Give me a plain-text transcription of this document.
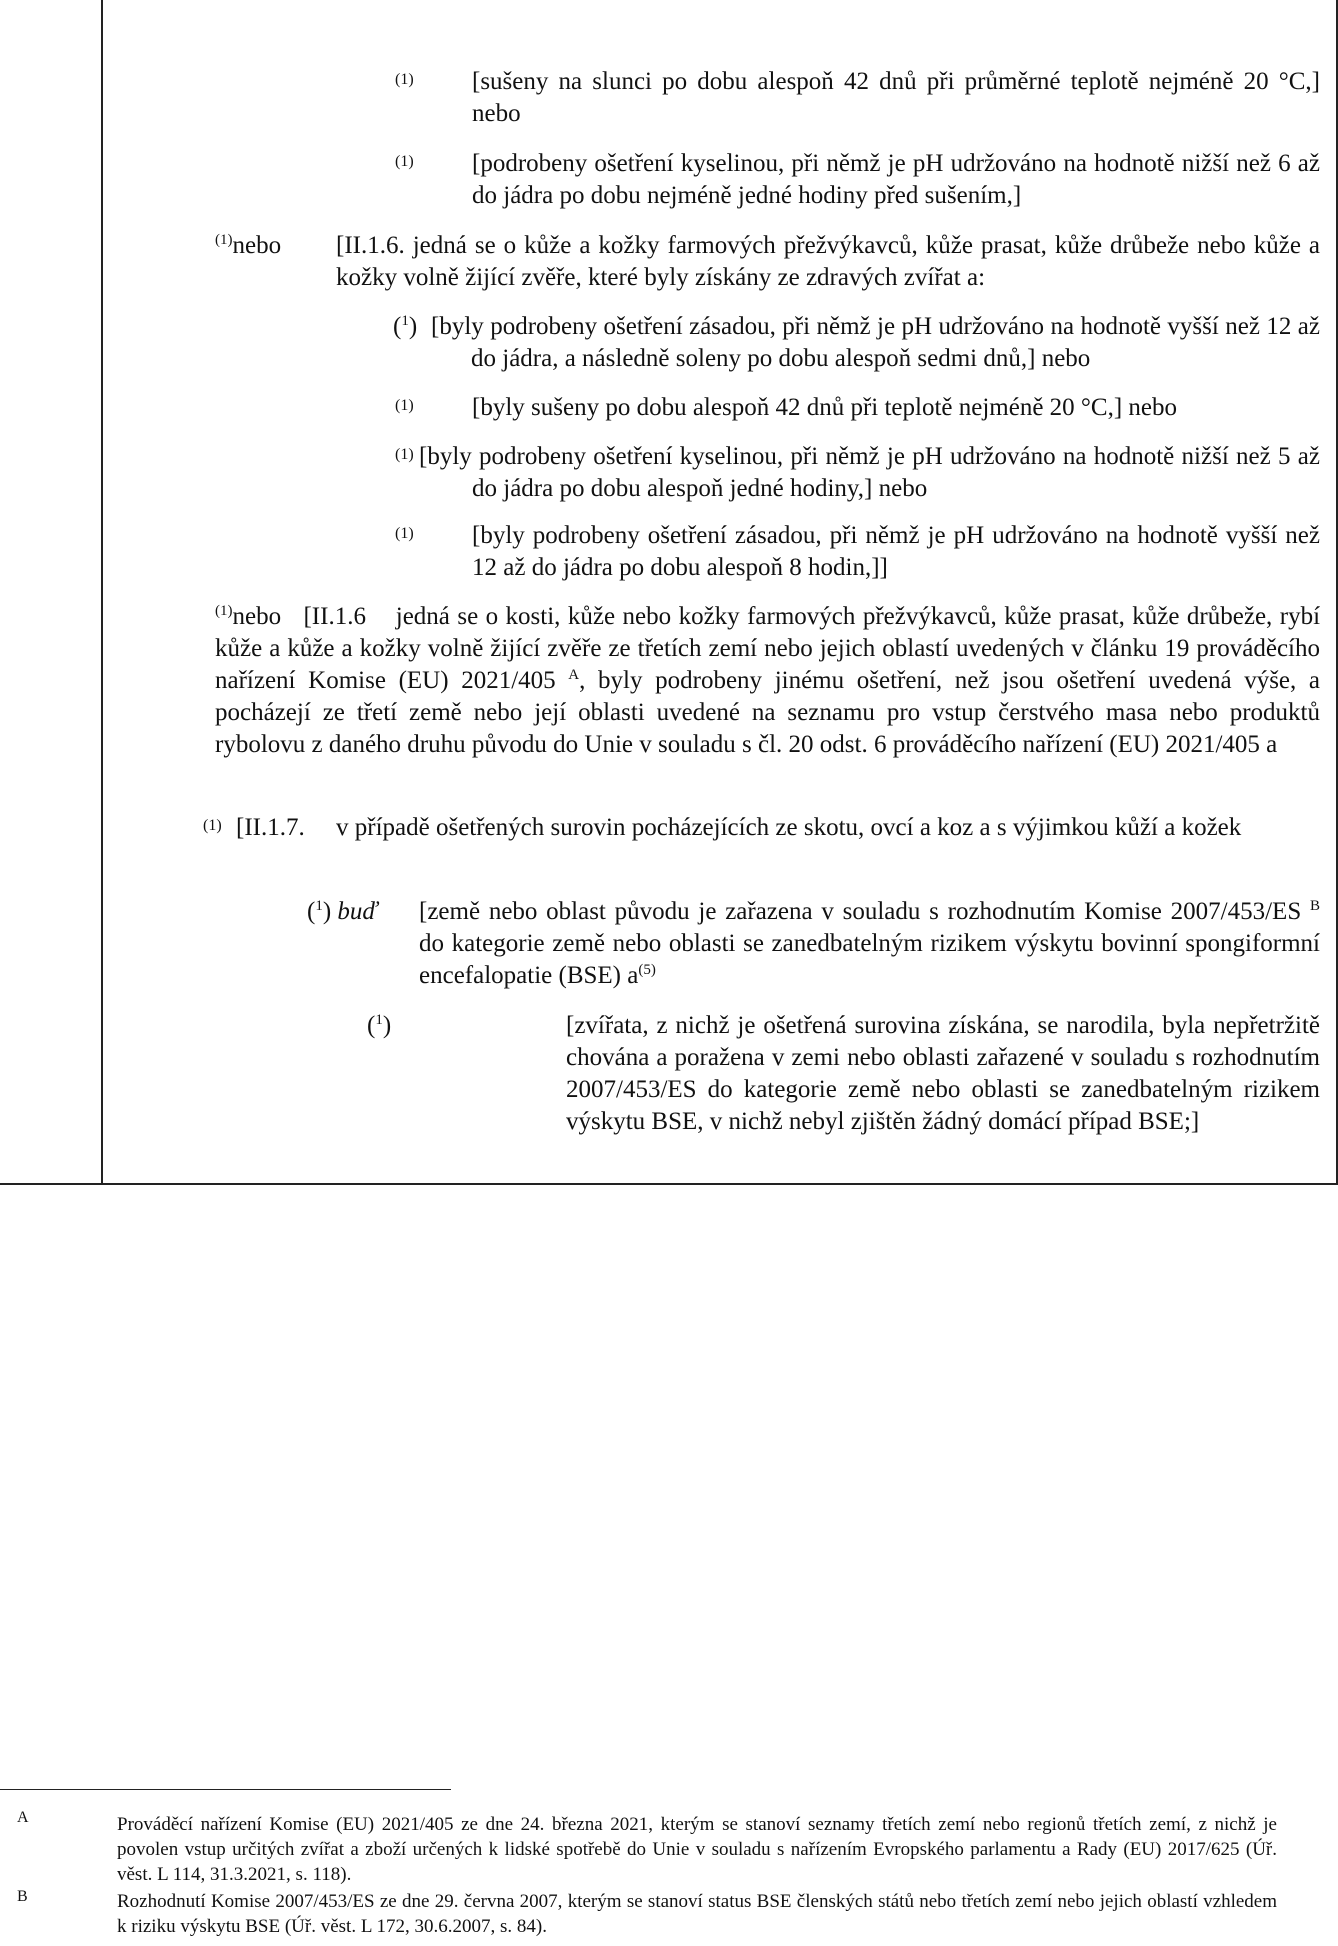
(1) [sušeny na slunci po dobu alespoň 42 dnů při průměrné teplotě nejméně 20 °C,] nebo
(1) [podrobeny ošetření kyselinou, při němž je pH udržováno na hodnotě nižší než 6 až do jádra po dobu nejméně jedné hodiny před sušením,]
$^{(1)}$nebo	[II.1.6. jedná se o kůže a kožky farmových přežvýkavců, kůže prasat, kůže drůbeže nebo kůže a kožky volně žijící zvěře, které byly získány ze zdravých zvířat a:
($^1$) [byly podrobeny ošetření zásadou, při němž je pH udržováno na hodnotě vyšší než 12 až do jádra, a následně soleny po dobu alespoň sedmi dnů,] nebo
(1) [byly sušeny po dobu alespoň 42 dnů při teplotě nejméně 20 °C,] nebo
(1) [byly podrobeny ošetření kyselinou, při němž je pH udržováno na hodnotě nižší než 5 až do jádra po dobu alespoň jedné hodiny,] nebo
(1) [byly podrobeny ošetření zásadou, při němž je pH udržováno na hodnotě vyšší než 12 až do jádra po dobu alespoň 8 hodin,]]
$^{(1)}$nebo [II.1.6 jedná se o kosti, kůže nebo kožky farmových přežvýkavců, kůže prasat, kůže drůbeže, rybí kůže a kůže a kožky volně žijící zvěře ze třetích zemí nebo jejich oblastí uvedených v článku 19 prováděcího nařízení Komise (EU) 2021/405 $^A$, byly podrobeny jinému ošetření, než jsou ošetření uvedená výše, a pocházejí ze třetí země nebo její oblasti uvedené na seznamu pro vstup čerstvého masa nebo produktů rybolovu z daného druhu původu do Unie v souladu s čl. 20 odst. 6 prováděcího nařízení (EU) 2021/405 a
(1) [II.1.7.	v případě ošetřených surovin pocházejících ze skotu, ovcí a koz a s výjimkou kůží a kožek
($^1$) buď	[země nebo oblast původu je zařazena v souladu s rozhodnutím Komise 2007/453/ES $^B$ do kategorie země nebo oblasti se zanedbatelným rizikem výskytu bovinní spongiformní encefalopatie (BSE) $a^{(5)}$
($^1$)	[zvířata, z nichž je ošetřená surovina získána, se narodila, byla nepřetržitě chována a poražena v zemi nebo oblasti zařazené v souladu s rozhodnutím 2007/453/ES do kategorie země nebo oblasti se zanedbatelným rizikem výskytu BSE, v nichž nebyl zjištěn žádný domácí případ BSE;]
A	Prováděcí nařízení Komise (EU) 2021/405 ze dne 24. března 2021, kterým se stanoví seznamy třetích zemí nebo regionů třetích zemí, z nichž je povolen vstup určitých zvířat a zboží určených k lidské spotřebě do Unie v souladu s nařízením Evropského parlamentu a Rady (EU) 2017/625 (Úř. věst. L 114, 31.3.2021, s. 118).
B	Rozhodnutí Komise 2007/453/ES ze dne 29. června 2007, kterým se stanoví status BSE členských států nebo třetích zemí nebo jejich oblastí vzhledem k riziku výskytu BSE (Úř. věst. L 172, 30.6.2007, s. 84).
